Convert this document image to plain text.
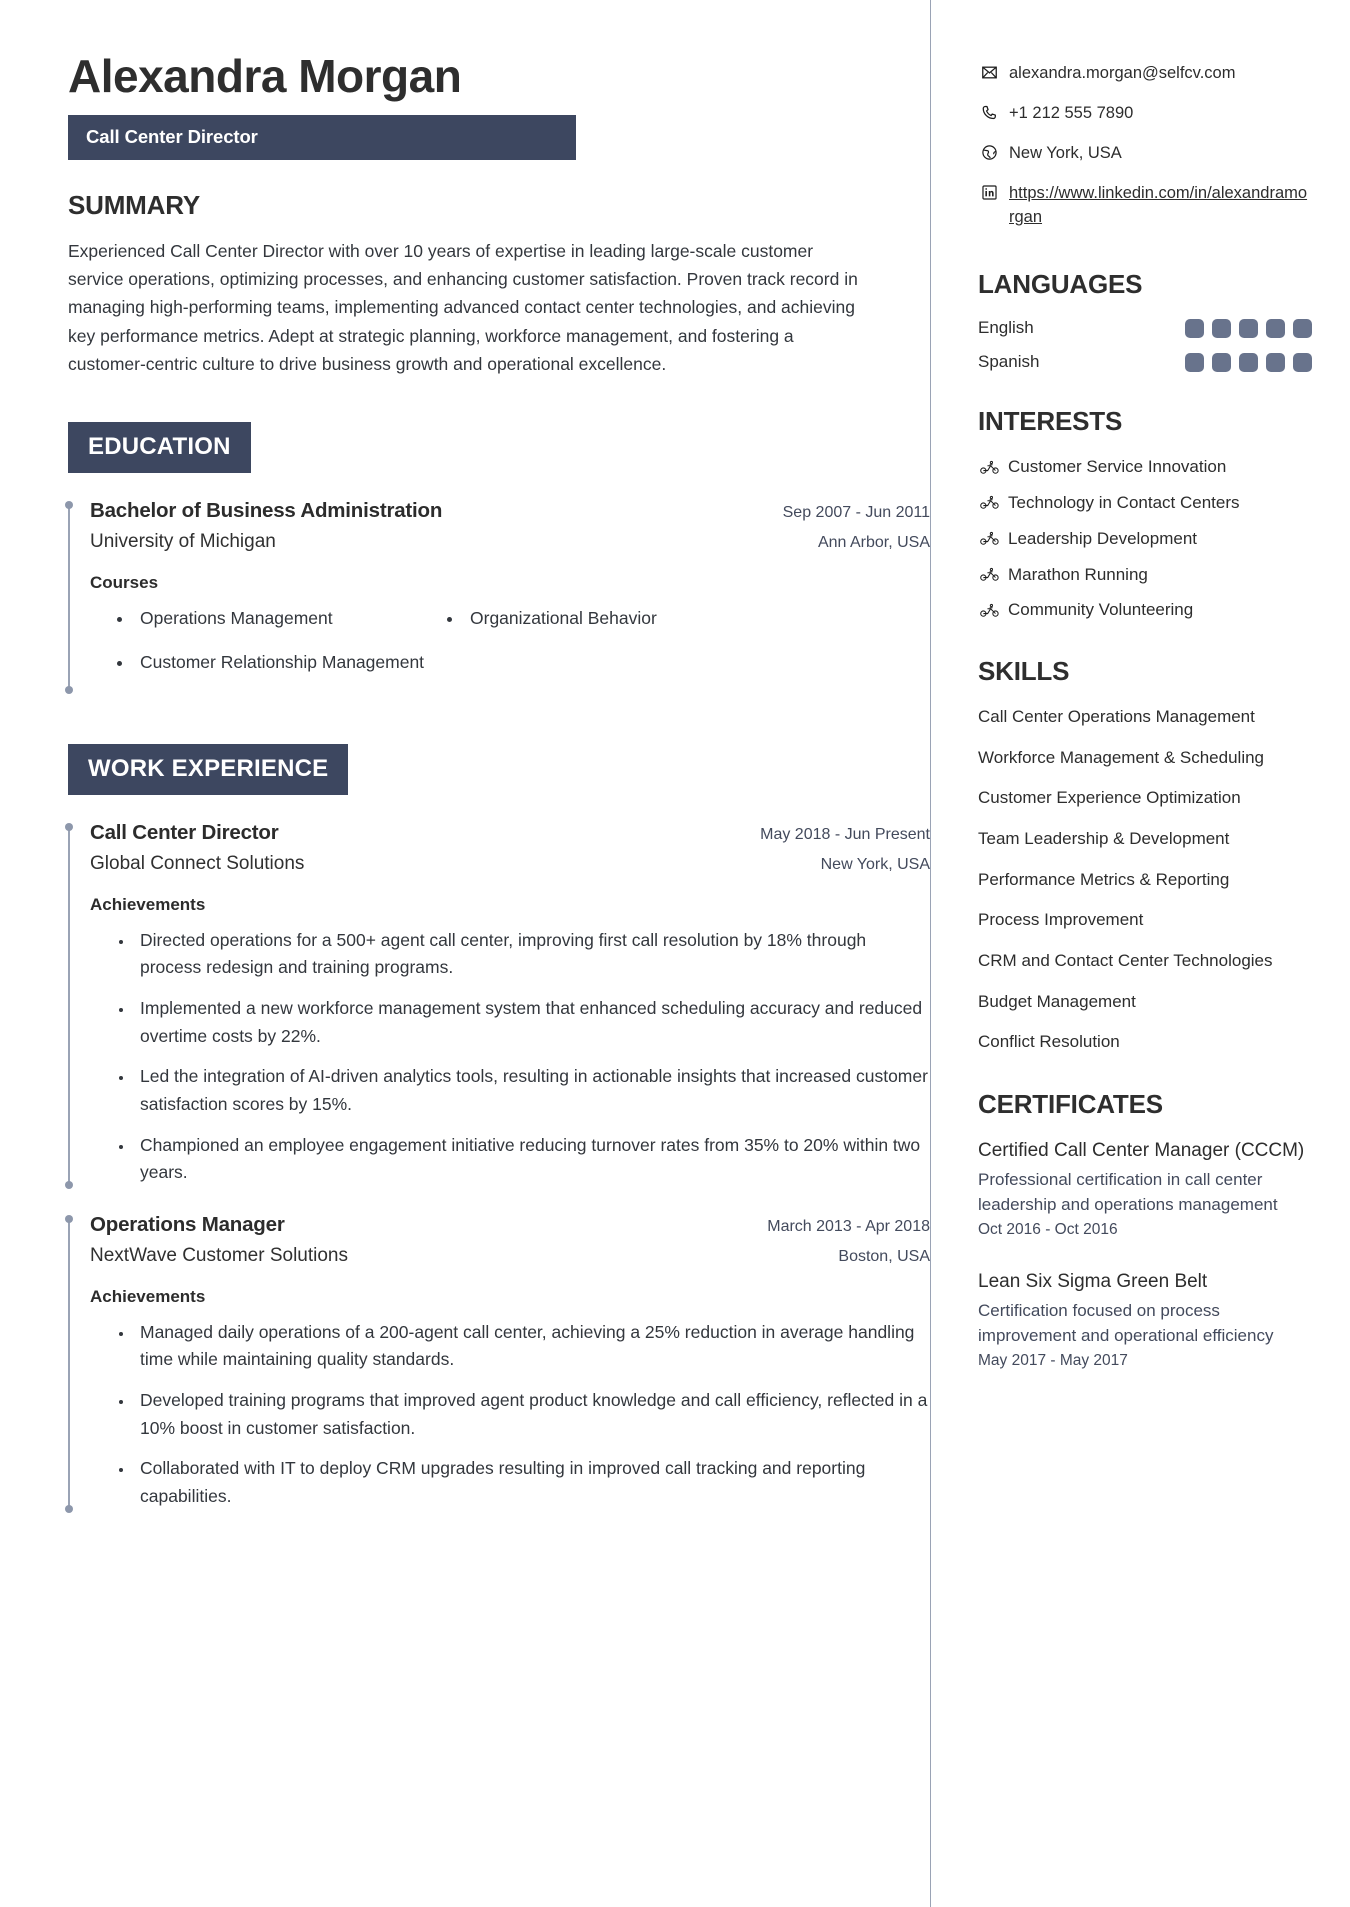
Alexandra Morgan
Call Center Director
SUMMARY
Experienced Call Center Director with over 10 years of expertise in leading large-scale customer service operations, optimizing processes, and enhancing customer satisfaction. Proven track record in managing high-performing teams, implementing advanced contact center technologies, and achieving key performance metrics. Adept at strategic planning, workforce management, and fostering a customer-centric culture to drive business growth and operational excellence.
EDUCATION
Bachelor of Business Administration	Sep 2007 - Jun 2011
University of Michigan	Ann Arbor, USA
Courses
• Operations Management	• Organizational Behavior
• Customer Relationship Management
WORK EXPERIENCE
Call Center Director	May 2018 - Jun Present
Global Connect Solutions	New York, USA
Achievements
• Directed operations for a 500+ agent call center, improving first call resolution by 18% through process redesign and training programs.
• Implemented a new workforce management system that enhanced scheduling accuracy and reduced overtime costs by 22%.
• Led the integration of AI-driven analytics tools, resulting in actionable insights that increased customer satisfaction scores by 15%.
• Championed an employee engagement initiative reducing turnover rates from 35% to 20% within two years.
Operations Manager	March 2013 - Apr 2018
NextWave Customer Solutions	Boston, USA
Achievements
• Managed daily operations of a 200-agent call center, achieving a 25% reduction in average handling time while maintaining quality standards.
• Developed training programs that improved agent product knowledge and call efficiency, reflected in a 10% boost in customer satisfaction.
• Collaborated with IT to deploy CRM upgrades resulting in improved call tracking and reporting capabilities.
alexandra.morgan@selfcv.com
+1 212 555 7890
New York, USA
https://www.linkedin.com/in/alexandramorgan
LANGUAGES
English
Spanish
INTERESTS
Customer Service Innovation
Technology in Contact Centers
Leadership Development
Marathon Running
Community Volunteering
SKILLS
Call Center Operations Management
Workforce Management & Scheduling
Customer Experience Optimization
Team Leadership & Development
Performance Metrics & Reporting
Process Improvement
CRM and Contact Center Technologies
Budget Management
Conflict Resolution
CERTIFICATES
Certified Call Center Manager (CCCM)
Professional certification in call center leadership and operations management
Oct 2016 - Oct 2016
Lean Six Sigma Green Belt
Certification focused on process improvement and operational efficiency
May 2017 - May 2017
